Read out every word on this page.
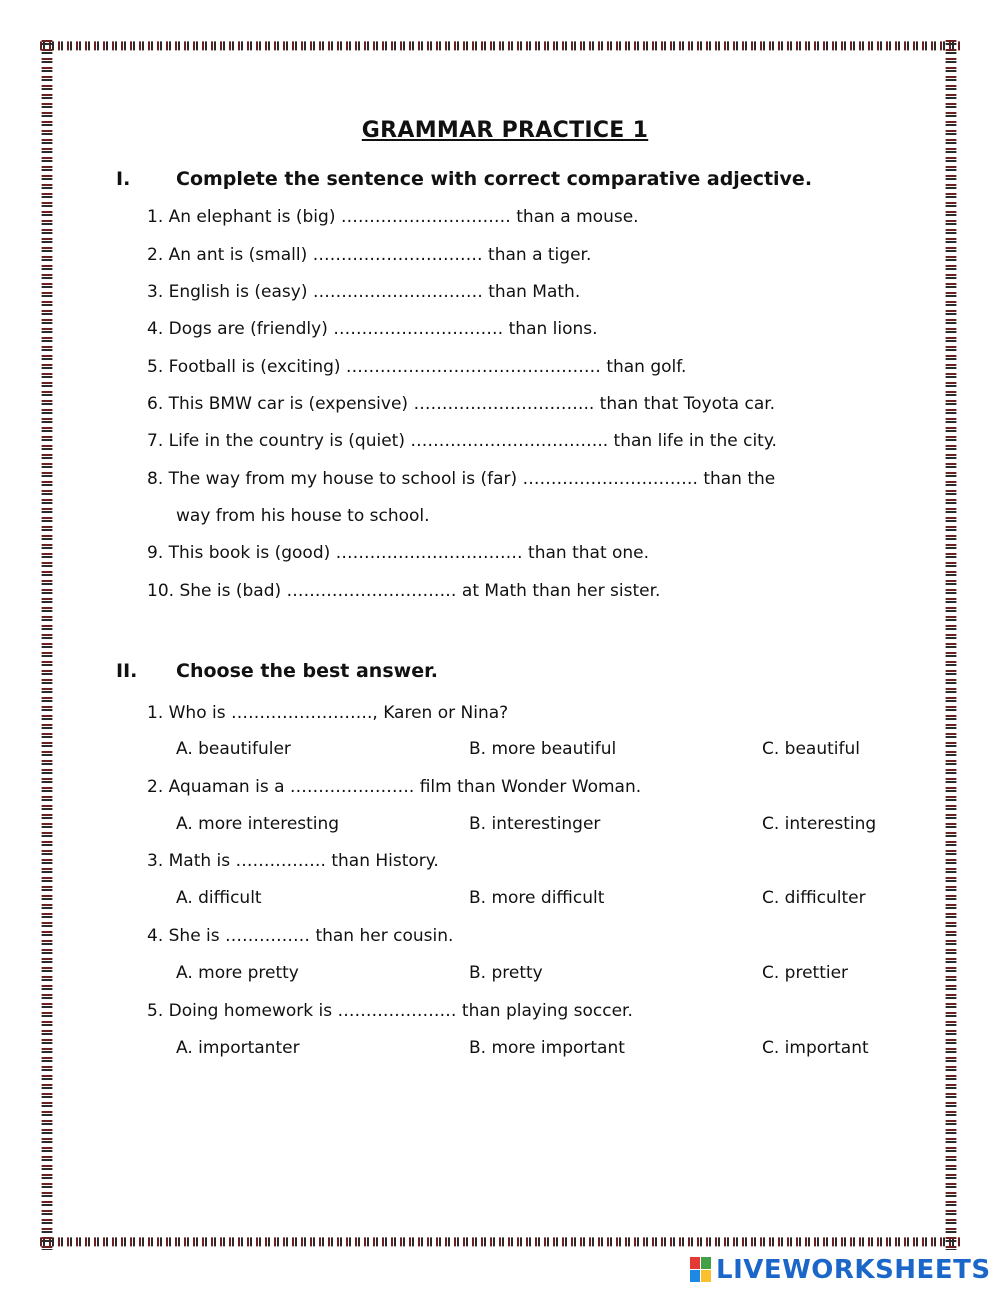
GRAMMAR PRACTICE 1
I. Complete the sentence with correct comparative adjective.
1. An elephant is (big) ………………………… than a mouse.
2. An ant is (small) ………………………… than a tiger.
3. English is (easy) ………………………… than Math.
4. Dogs are (friendly) ………………………… than lions.
5. Football is (exciting) ……………………………………… than golf.
6. This BMW car is (expensive) ………………………….. than that Toyota car.
7. Life in the country is (quiet) …………………………….. than life in the city.
8. The way from my house to school is (far) …………………………. than the
way from his house to school.
9. This book is (good) …………………………… than that one.
10. She is (bad) ………………………… at Math than her sister.
II. Choose the best answer.
1. Who is ……………………., Karen or Nina?
A. beautifuler	B. more beautiful	C. beautiful
2. Aquaman is a …………………. film than Wonder Woman.
A. more interesting	B. interestinger	C. interesting
3. Math is ……………. than History.
A. difficult	B. more difficult	C. difficulter
4. She is …………… than her cousin.
A. more pretty	B. pretty	C. prettier
5. Doing homework is ………………… than playing soccer.
A. importanter	B. more important	C. important
LIVEWORKSHEETS
